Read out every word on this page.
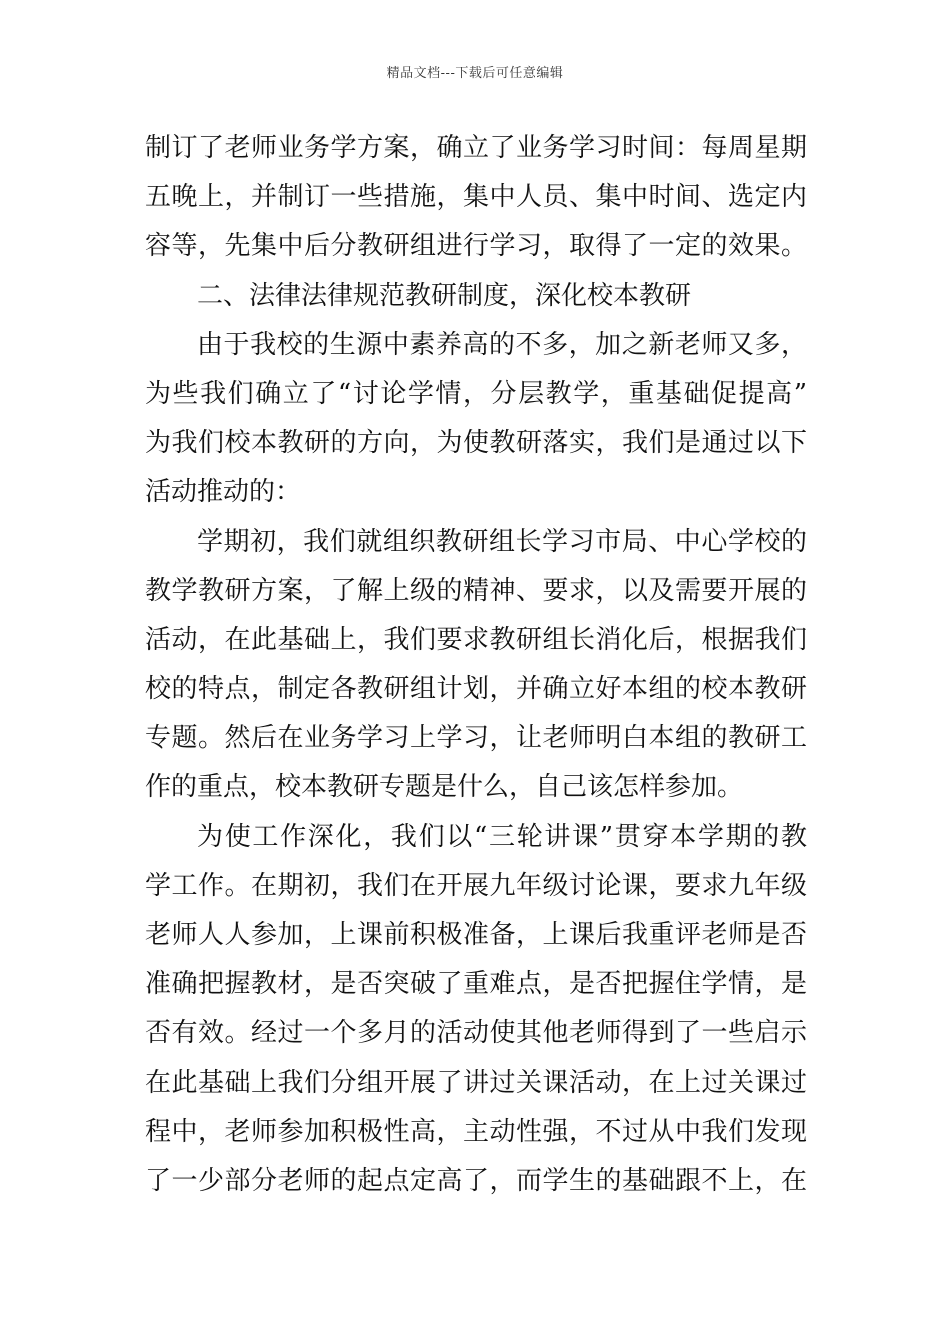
精品文档---下载后可任意编辑
制订了老师业务学方案，确立了业务学习时间：每周星期
五晚上，并制订一些措施，集中人员、集中时间、选定内
容等，先集中后分教研组进行学习，取得了一定的效果。
二、法律法律规范教研制度，深化校本教研
由于我校的生源中素养高的不多，加之新老师又多，
为些我们确立了“讨论学情，分层教学，重基础促提高”
为我们校本教研的方向，为使教研落实，我们是通过以下
活动推动的：
学期初，我们就组织教研组长学习市局、中心学校的
教学教研方案，了解上级的精神、要求，以及需要开展的
活动，在此基础上，我们要求教研组长消化后，根据我们
校的特点，制定各教研组计划，并确立好本组的校本教研
专题。然后在业务学习上学习，让老师明白本组的教研工
作的重点，校本教研专题是什么，自己该怎样参加。
为使工作深化，我们以“三轮讲课”贯穿本学期的教
学工作。在期初，我们在开展九年级讨论课，要求九年级
老师人人参加，上课前积极准备，上课后我重评老师是否
准确把握教材，是否突破了重难点，是否把握住学情，是
否有效。经过一个多月的活动使其他老师得到了一些启示
在此基础上我们分组开展了讲过关课活动，在上过关课过
程中，老师参加积极性高，主动性强，不过从中我们发现
了一少部分老师的起点定高了，而学生的基础跟不上，在
